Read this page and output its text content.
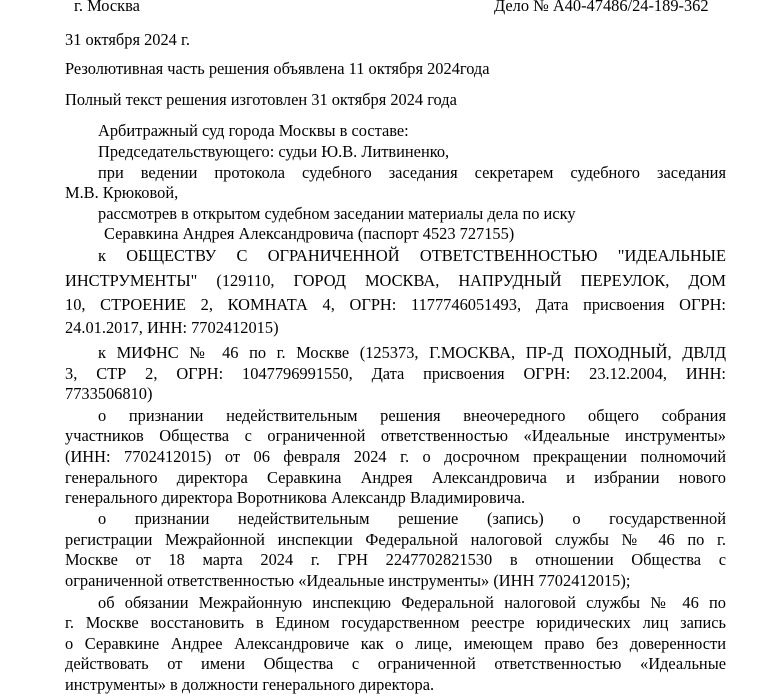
г. Москва	Дело № А40-47486/24-189-362
31 октября 2024 г.
Резолютивная часть решения объявлена 11 октября 2024года
Полный текст решения изготовлен 31 октября 2024 года
Арбитражный суд города Москвы в составе:
Председательствующего: судьи Ю.В. Литвиненко,
при ведении протокола судебного заседания секретарем судебного заседания
М.В. Крюковой,
рассмотрев в открытом судебном заседании материалы дела по иску
Серавкина Андрея Александровича (паспорт 4523 727155)
к ОБЩЕСТВУ С ОГРАНИЧЕННОЙ ОТВЕТСТВЕННОСТЬЮ "ИДЕАЛЬНЫЕ
ИНСТРУМЕНТЫ" (129110, ГОРОД МОСКВА, НАПРУДНЫЙ ПЕРЕУЛОК, ДОМ
10, СТРОЕНИЕ 2, КОМНАТА 4, ОГРН: 1177746051493, Дата присвоения ОГРН:
24.01.2017, ИНН: 7702412015)
к МИФНС № 46 по г. Москве (125373, Г.МОСКВА, ПР-Д ПОХОДНЫЙ, ДВЛД
3, СТР 2, ОГРН: 1047796991550, Дата присвоения ОГРН: 23.12.2004, ИНН:
7733506810)
о признании недействительным решения внеочередного общего собрания
участников Общества с ограниченной ответственностью «Идеальные инструменты»
(ИНН: 7702412015) от 06 февраля 2024 г. о досрочном прекращении полномочий
генерального директора Серавкина Андрея Александровича и избрании нового
генерального директора Воротникова Александр Владимировича.
о признании недействительным решение (запись) о государственной
регистрации Межрайонной инспекции Федеральной налоговой службы № 46 по г.
Москве от 18 марта 2024 г. ГРН 2247702821530 в отношении Общества с
ограниченной ответственностью «Идеальные инструменты» (ИНН 7702412015);
об обязании Межрайонную инспекцию Федеральной налоговой службы № 46 по
г. Москве восстановить в Едином государственном реестре юридических лиц запись
о Серавкине Андрее Александровиче как о лице, имеющем право без доверенности
действовать от имени Общества с ограниченной ответственностью «Идеальные
инструменты» в должности генерального директора.
